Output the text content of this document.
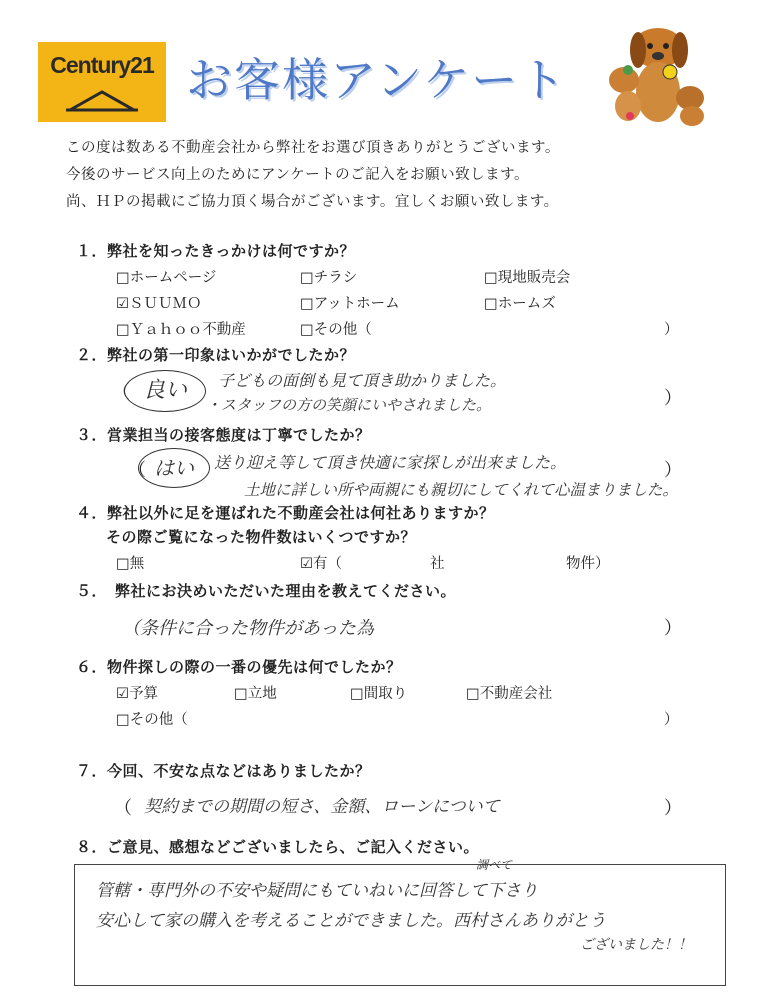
Century21 お客様アンケート
この度は数ある不動産会社から弊社をお選び頂きありがとうございます。
今後のサービス向上のためにアンケートのご記入をお願い致します。
尚、ＨＰの掲載にご協力頂く場合がございます。宜しくお願い致します。
１．弊社を知ったきっかけは何ですか？
□ホームページ	□チラシ	□現地販売会
☑ＳＵＵＭＯ	□アットホーム	□ホームズ
□Ｙａｈｏｏ不動産	□その他（	）
２．弊社の第一印象はいかがでしたか？
（ 良い	子どもの面倒も見て頂き助かりました。
・スタッフの方の笑顔にいやされました。	）
３．営業担当の接客態度は丁寧でしたか？
（ はい	送り迎え等して頂き快適に家探しが出来ました。
土地に詳しい所や両親にも親切にしてくれて心温まりました。
）
４．弊社以外に足を運ばれた不動産会社は何社ありますか？
その際ご覧になった物件数はいくつですか？
□無	☑有（	社	物件）
５．　弊社にお決めいただいた理由を教えてください。
（条件に合った物件があった為	）
６．物件探しの際の一番の優先は何でしたか？
☑予算	□立地	□間取り	□不動産会社
□その他（	）
７．今回、不安な点などはありましたか？
（ 契約までの期間の短さ、金額、ローンについて	）
８．ご意見、感想などございましたら、ご記入ください。
調べて
管轄・専門外の不安や疑問にもていねいに回答して下さり
安心して家の購入を考えることができました。西村さんありがとう
ございました！！
